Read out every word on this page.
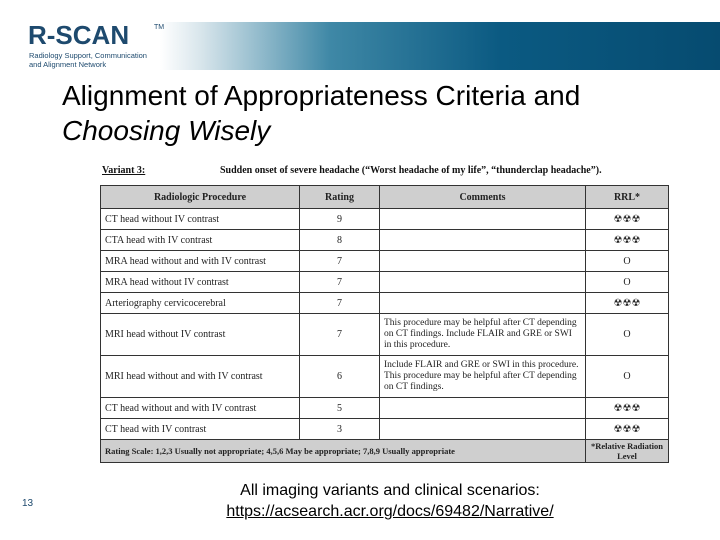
R-SCAN	TM
Radiology Support, Communication
and Alignment Network
Alignment of Appropriateness Criteria and
Choosing Wisely
Variant 3:	Sudden onset of severe headache (“Worst headache of my life”, “thunderclap headache”).
Radiologic Procedure	Rating	Comments	RRL*
CT head without IV contrast	9		☢☢☢
CTA head with IV contrast	8		☢☢☢
MRA head without and with IV contrast	7		O
MRA head without IV contrast	7		O
Arteriography cervicocerebral	7		☢☢☢
MRI head without IV contrast	7	This procedure may be helpful after CT depending on CT findings. Include FLAIR and GRE or SWI in this procedure.	O
MRI head without and with IV contrast	6	Include FLAIR and GRE or SWI in this procedure. This procedure may be helpful after CT depending on CT findings.	O
CT head without and with IV contrast	5		☢☢☢
CT head with IV contrast	3		☢☢☢
Rating Scale: 1,2,3 Usually not appropriate; 4,5,6 May be appropriate; 7,8,9 Usually appropriate			*Relative Radiation Level
All imaging variants and clinical scenarios:
https://acsearch.acr.org/docs/69482/Narrative/
13
